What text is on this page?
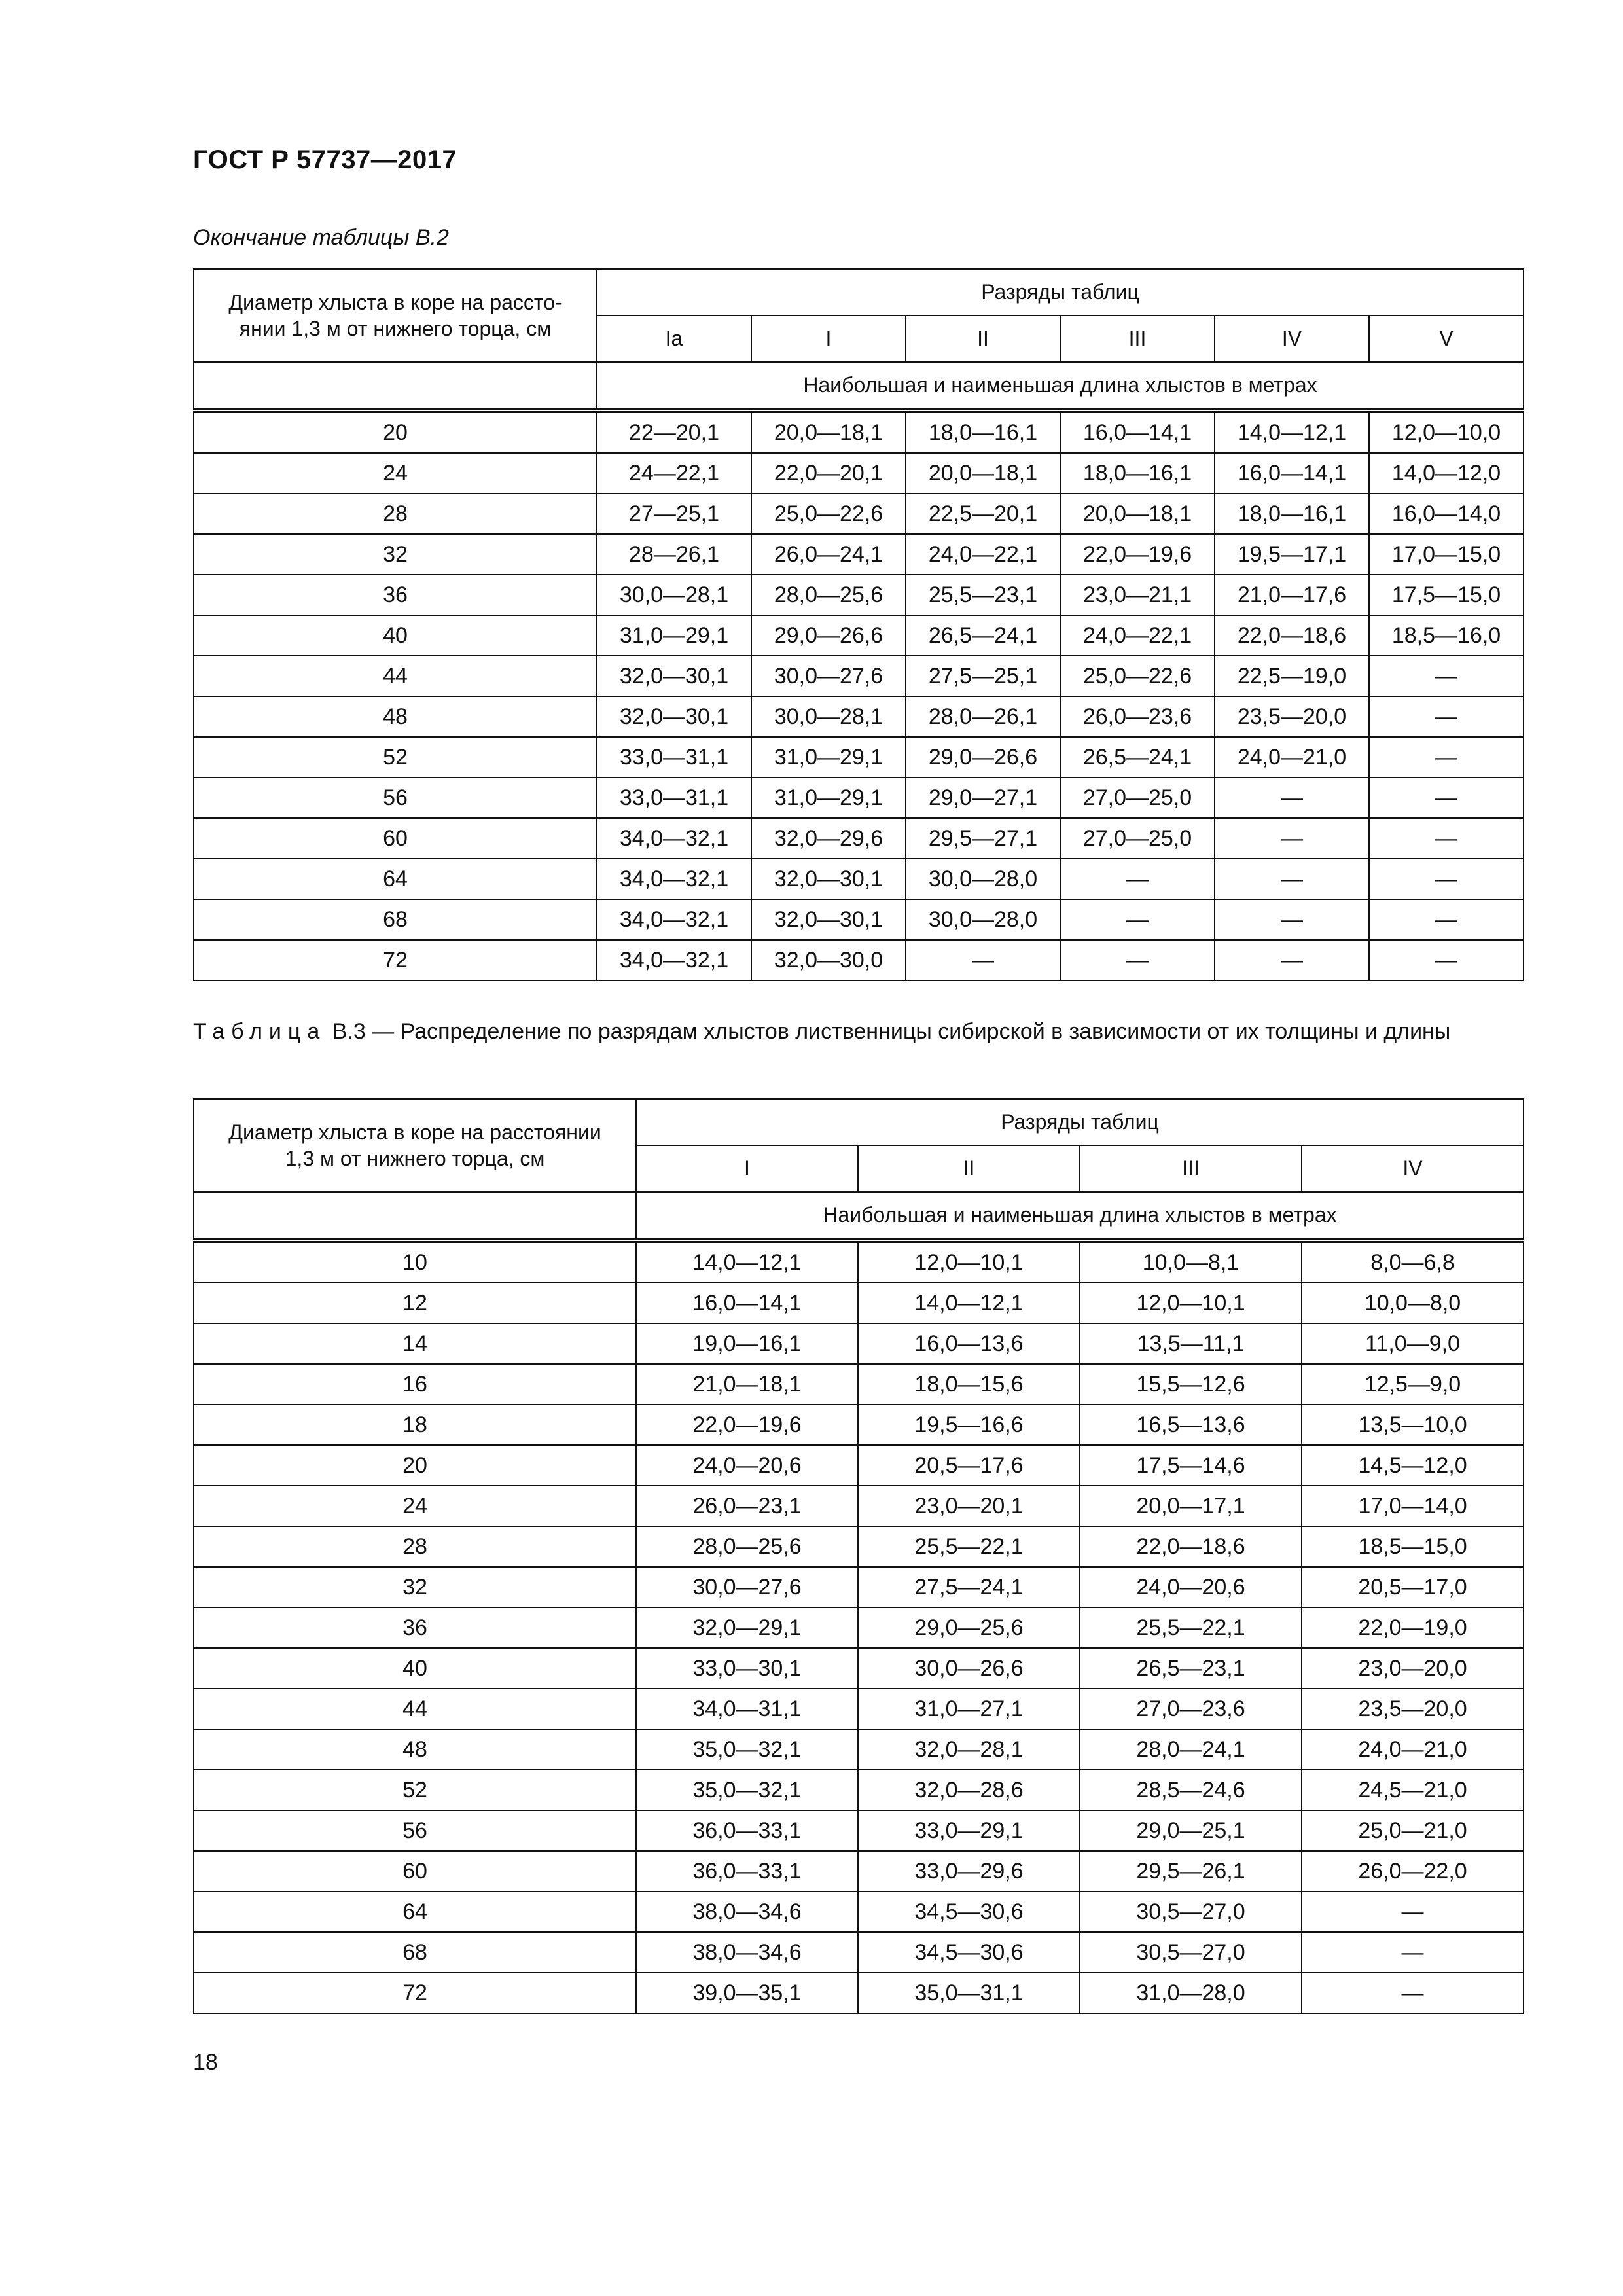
ГОСТ Р 57737—2017
Окончание таблицы В.2
Диаметр хлыста в коре на рассто-
янии 1,3 м от нижнего торца, см	Разряды таблиц					
	Ia	I	II	III	IV	V
	Наибольшая и наименьшая длина хлыстов в метрах					
20	22—20,1	20,0—18,1	18,0—16,1	16,0—14,1	14,0—12,1	12,0—10,0
24	24—22,1	22,0—20,1	20,0—18,1	18,0—16,1	16,0—14,1	14,0—12,0
28	27—25,1	25,0—22,6	22,5—20,1	20,0—18,1	18,0—16,1	16,0—14,0
32	28—26,1	26,0—24,1	24,0—22,1	22,0—19,6	19,5—17,1	17,0—15,0
36	30,0—28,1	28,0—25,6	25,5—23,1	23,0—21,1	21,0—17,6	17,5—15,0
40	31,0—29,1	29,0—26,6	26,5—24,1	24,0—22,1	22,0—18,6	18,5—16,0
44	32,0—30,1	30,0—27,6	27,5—25,1	25,0—22,6	22,5—19,0	—
48	32,0—30,1	30,0—28,1	28,0—26,1	26,0—23,6	23,5—20,0	—
52	33,0—31,1	31,0—29,1	29,0—26,6	26,5—24,1	24,0—21,0	—
56	33,0—31,1	31,0—29,1	29,0—27,1	27,0—25,0	—	—
60	34,0—32,1	32,0—29,6	29,5—27,1	27,0—25,0	—	—
64	34,0—32,1	32,0—30,1	30,0—28,0	—	—	—
68	34,0—32,1	32,0—30,1	30,0—28,0	—	—	—
72	34,0—32,1	32,0—30,0	—	—	—	—
Таблица В.3 — Распределение по разрядам хлыстов лиственницы сибирской в зависимости от их толщины и длины
Диаметр хлыста в коре на расстоянии
1,3 м от нижнего торца, см	Разряды таблиц			
	I	II	III	IV
	Наибольшая и наименьшая длина хлыстов в метрах			
10	14,0—12,1	12,0—10,1	10,0—8,1	8,0—6,8
12	16,0—14,1	14,0—12,1	12,0—10,1	10,0—8,0
14	19,0—16,1	16,0—13,6	13,5—11,1	11,0—9,0
16	21,0—18,1	18,0—15,6	15,5—12,6	12,5—9,0
18	22,0—19,6	19,5—16,6	16,5—13,6	13,5—10,0
20	24,0—20,6	20,5—17,6	17,5—14,6	14,5—12,0
24	26,0—23,1	23,0—20,1	20,0—17,1	17,0—14,0
28	28,0—25,6	25,5—22,1	22,0—18,6	18,5—15,0
32	30,0—27,6	27,5—24,1	24,0—20,6	20,5—17,0
36	32,0—29,1	29,0—25,6	25,5—22,1	22,0—19,0
40	33,0—30,1	30,0—26,6	26,5—23,1	23,0—20,0
44	34,0—31,1	31,0—27,1	27,0—23,6	23,5—20,0
48	35,0—32,1	32,0—28,1	28,0—24,1	24,0—21,0
52	35,0—32,1	32,0—28,6	28,5—24,6	24,5—21,0
56	36,0—33,1	33,0—29,1	29,0—25,1	25,0—21,0
60	36,0—33,1	33,0—29,6	29,5—26,1	26,0—22,0
64	38,0—34,6	34,5—30,6	30,5—27,0	—
68	38,0—34,6	34,5—30,6	30,5—27,0	—
72	39,0—35,1	35,0—31,1	31,0—28,0	—
18
